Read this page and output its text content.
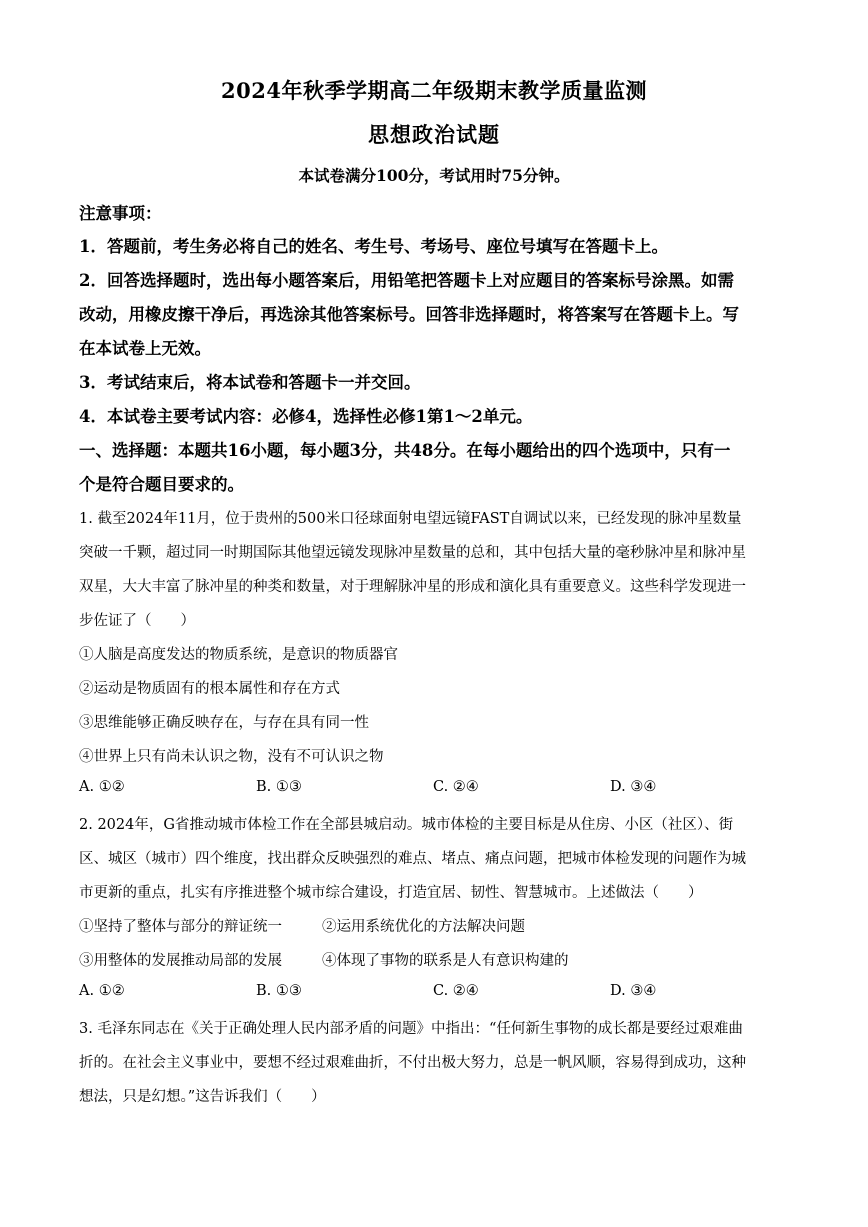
2024年秋季学期高二年级期末教学质量监测
思想政治试题
本试卷满分100分，考试用时75分钟。
注意事项：
1．答题前，考生务必将自己的姓名、考生号、考场号、座位号填写在答题卡上。
2．回答选择题时，选出每小题答案后，用铅笔把答题卡上对应题目的答案标号涂黑。如需
改动，用橡皮擦干净后，再选涂其他答案标号。回答非选择题时，将答案写在答题卡上。写
在本试卷上无效。
3．考试结束后，将本试卷和答题卡一并交回。
4．本试卷主要考试内容：必修4，选择性必修1第1～2单元。
一、选择题：本题共16小题，每小题3分，共48分。在每小题给出的四个选项中，只有一
个是符合题目要求的。
1. 截至2024年11月，位于贵州的500米口径球面射电望远镜FAST自调试以来，已经发现的脉冲星数量
突破一千颗，超过同一时期国际其他望远镜发现脉冲星数量的总和，其中包括大量的毫秒脉冲星和脉冲星
双星，大大丰富了脉冲星的种类和数量，对于理解脉冲星的形成和演化具有重要意义。这些科学发现进一
步佐证了（　　）
①人脑是高度发达的物质系统，是意识的物质器官
②运动是物质固有的根本属性和存在方式
③思维能够正确反映存在，与存在具有同一性
④世界上只有尚未认识之物，没有不可认识之物
A. ①②	B. ①③	C. ②④	D. ③④
2. 2024年，G省推动城市体检工作在全部县城启动。城市体检的主要目标是从住房、小区（社区）、街
区、城区（城市）四个维度，找出群众反映强烈的难点、堵点、痛点问题，把城市体检发现的问题作为城
市更新的重点，扎实有序推进整个城市综合建设，打造宜居、韧性、智慧城市。上述做法（　　）
①坚持了整体与部分的辩证统一	②运用系统优化的方法解决问题
③用整体的发展推动局部的发展	④体现了事物的联系是人有意识构建的
A. ①②	B. ①③	C. ②④	D. ③④
3. 毛泽东同志在《关于正确处理人民内部矛盾的问题》中指出：“任何新生事物的成长都是要经过艰难曲
折的。在社会主义事业中，要想不经过艰难曲折，不付出极大努力，总是一帆风顺，容易得到成功，这种
想法，只是幻想。”这告诉我们（　　）
